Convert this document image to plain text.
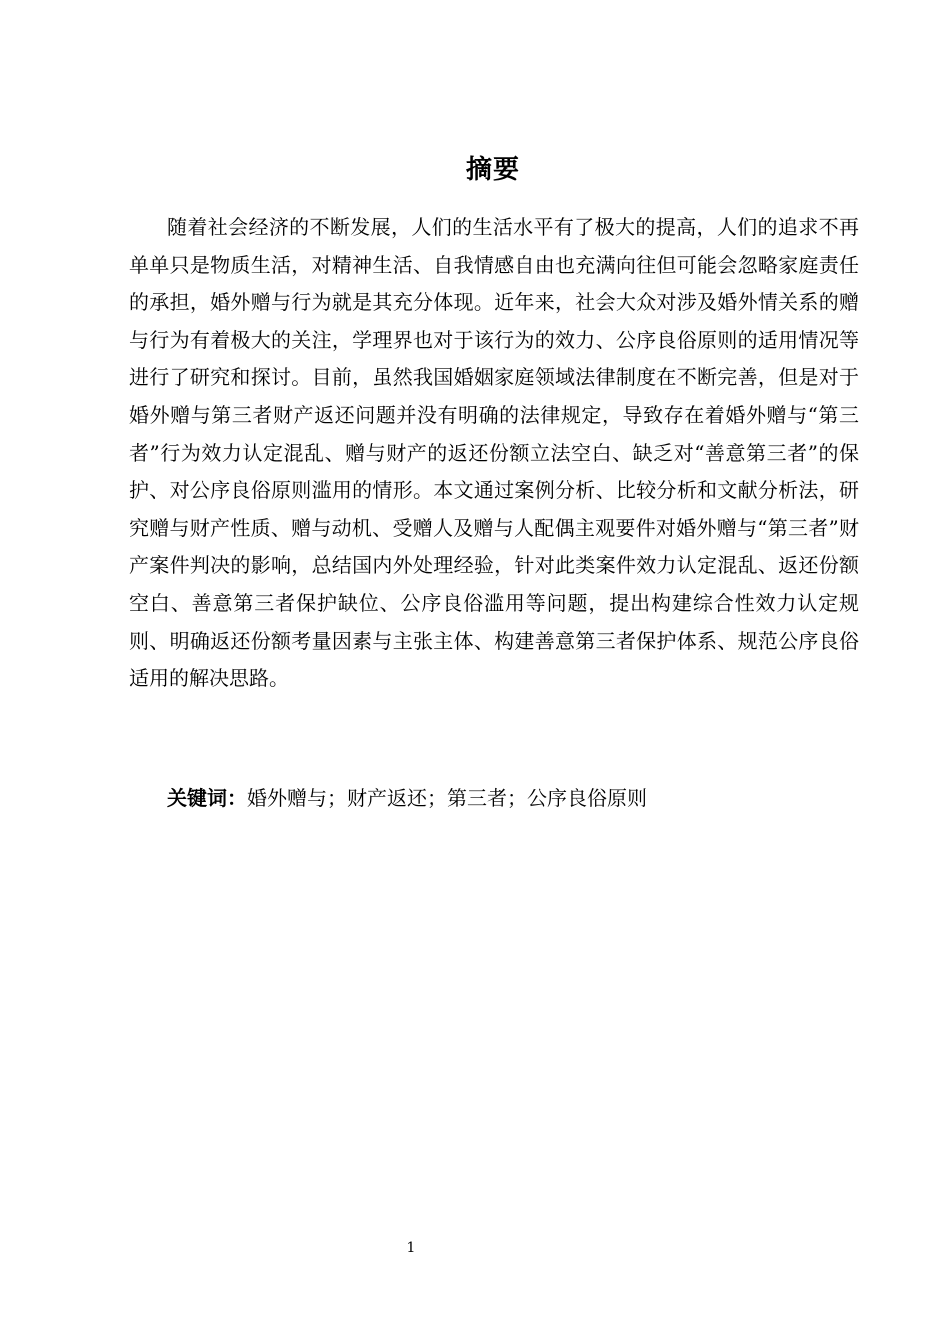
摘要

随着社会经济的不断发展，人们的生活水平有了极大的提高，人们的追求不再单单只是物质生活，对精神生活、自我情感自由也充满向往但可能会忽略家庭责任的承担，婚外赠与行为就是其充分体现。近年来，社会大众对涉及婚外情关系的赠与行为有着极大的关注，学理界也对于该行为的效力、公序良俗原则的适用情况等进行了研究和探讨。目前，虽然我国婚姻家庭领域法律制度在不断完善，但是对于婚外赠与第三者财产返还问题并没有明确的法律规定，导致存在着婚外赠与“第三者”行为效力认定混乱、赠与财产的返还份额立法空白、缺乏对“善意第三者”的保护、对公序良俗原则滥用的情形。本文通过案例分析、比较分析和文献分析法，研究赠与财产性质、赠与动机、受赠人及赠与人配偶主观要件对婚外赠与“第三者”财产案件判决的影响，总结国内外处理经验，针对此类案件效力认定混乱、返还份额空白、善意第三者保护缺位、公序良俗滥用等问题，提出构建综合性效力认定规则、明确返还份额考量因素与主张主体、构建善意第三者保护体系、规范公序良俗适用的解决思路。

关键词：婚外赠与；财产返还；第三者；公序良俗原则
1
